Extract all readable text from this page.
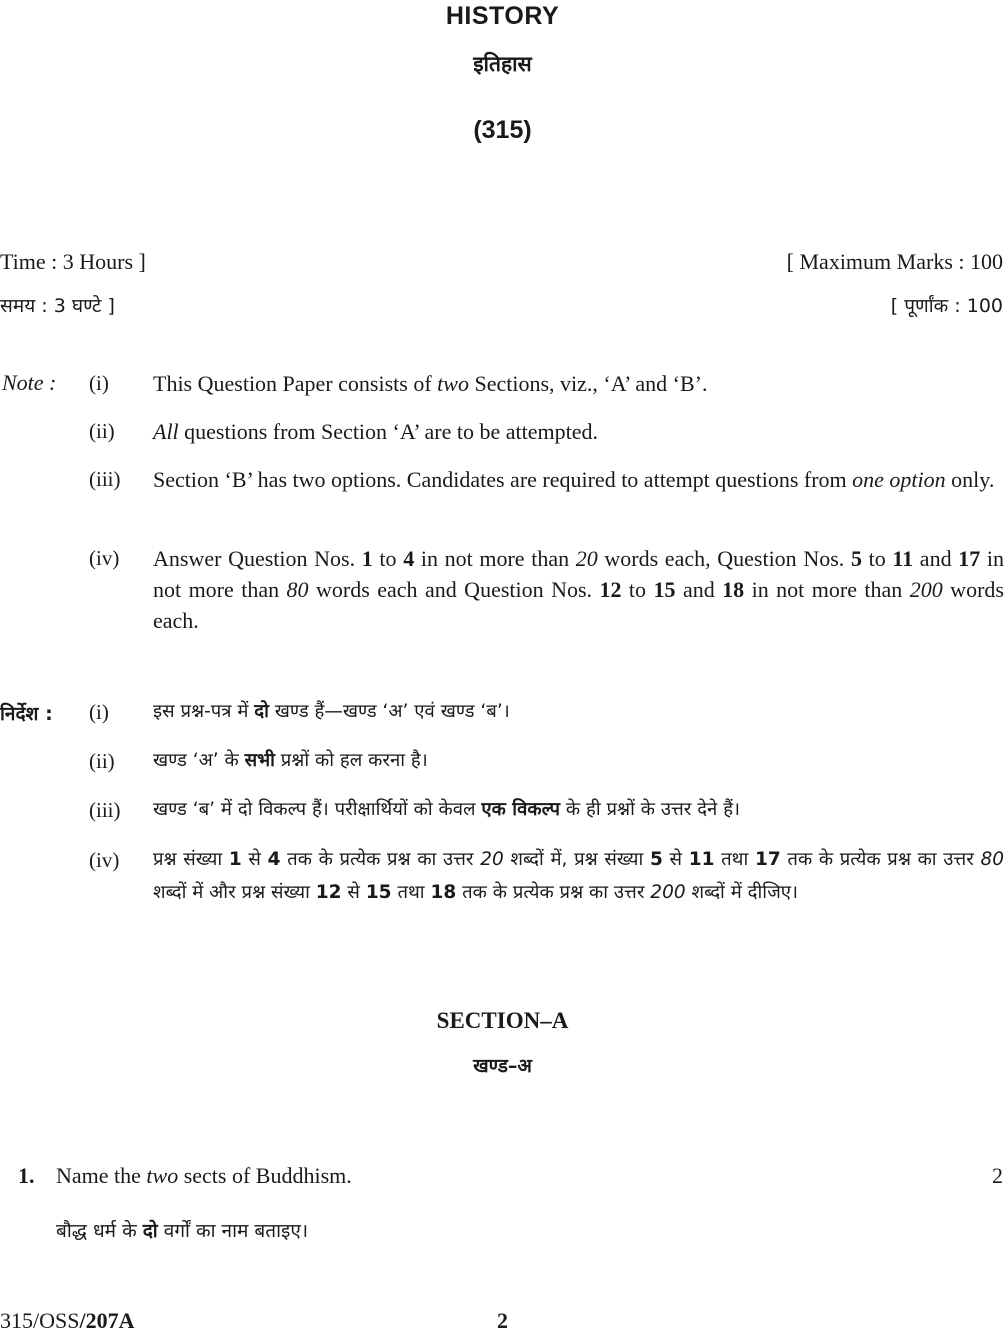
HISTORY
इतिहास
(315)
Time : 3 Hours ]	[ Maximum Marks : 100
समय : 3 घण्टे ]	[ पूर्णांक : 100
Note : (i) This Question Paper consists of two Sections, viz., ‘A’ and ‘B’.
(ii) All questions from Section ‘A’ are to be attempted.
(iii) Section ‘B’ has two options. Candidates are required to attempt questions from one option only.
(iv) Answer Question Nos. 1 to 4 in not more than 20 words each, Question Nos. 5 to 11 and 17 in not more than 80 words each and Question Nos. 12 to 15 and 18 in not more than 200 words each.
निर्देश : (i) इस प्रश्न-पत्र में दो खण्ड हैं—खण्ड ‘अ’ एवं खण्ड ‘ब’।
(ii) खण्ड ‘अ’ के सभी प्रश्नों को हल करना है।
(iii) खण्ड ‘ब’ में दो विकल्प हैं। परीक्षार्थियों को केवल एक विकल्प के ही प्रश्नों के उत्तर देने हैं।
(iv) प्रश्न संख्या 1 से 4 तक के प्रत्येक प्रश्न का उत्तर 20 शब्दों में, प्रश्न संख्या 5 से 11 तथा 17 तक के प्रत्येक प्रश्न का उत्तर 80 शब्दों में और प्रश्न संख्या 12 से 15 तथा 18 तक के प्रत्येक प्रश्न का उत्तर 200 शब्दों में दीजिए।
SECTION–A
खण्ड–अ
1. Name the two sects of Buddhism.	2
बौद्ध धर्म के दो वर्गों का नाम बताइए।
315/OSS/207A	2
